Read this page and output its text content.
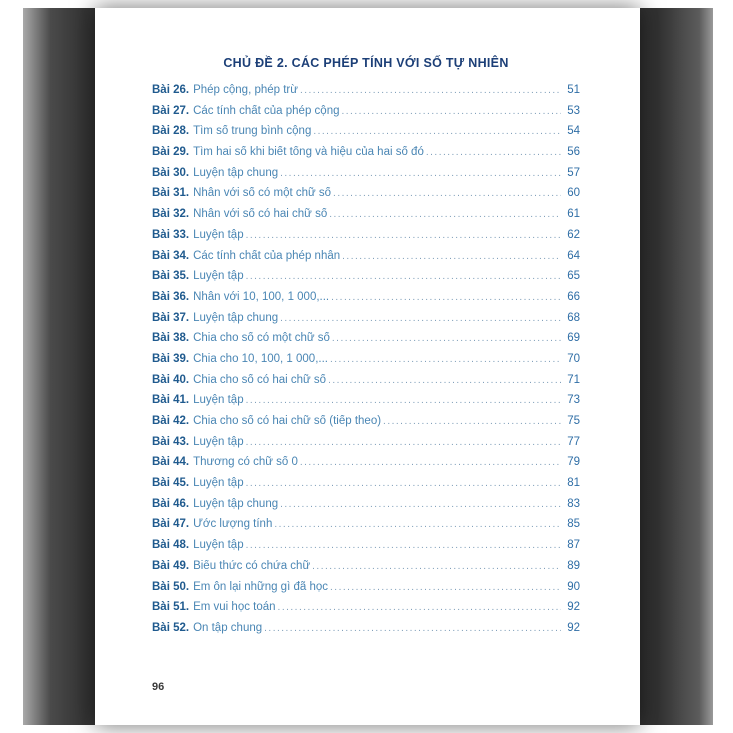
CHỦ ĐỀ 2. CÁC PHÉP TÍNH VỚI SỐ TỰ NHIÊN
Bài 26. Phép cộng, phép trừ .....	51
Bài 27. Các tính chất của phép cộng .....	53
Bài 28. Tìm số trung bình cộng .....	54
Bài 29. Tìm hai số khi biết tổng và hiệu của hai số đó .....	56
Bài 30. Luyện tập chung .....	57
Bài 31. Nhân với số có một chữ số .....	60
Bài 32. Nhân với số có hai chữ số .....	61
Bài 33. Luyện tập .....	62
Bài 34. Các tính chất của phép nhân .....	64
Bài 35. Luyện tập .....	65
Bài 36. Nhân với 10, 100, 1 000,... .....	66
Bài 37. Luyện tập chung .....	68
Bài 38. Chia cho số có một chữ số .....	69
Bài 39. Chia cho 10, 100, 1 000,... .....	70
Bài 40. Chia cho số có hai chữ số .....	71
Bài 41. Luyện tập .....	73
Bài 42. Chia cho số có hai chữ số (tiếp theo) .....	75
Bài 43. Luyện tập .....	77
Bài 44. Thương có chữ số 0 .....	79
Bài 45. Luyện tập .....	81
Bài 46. Luyện tập chung .....	83
Bài 47. Ước lượng tính .....	85
Bài 48. Luyện tập .....	87
Bài 49. Biểu thức có chứa chữ .....	89
Bài 50. Em ôn lại những gì đã học .....	90
Bài 51. Em vui học toán .....	92
Bài 52. Ôn tập chung .....	92
96
